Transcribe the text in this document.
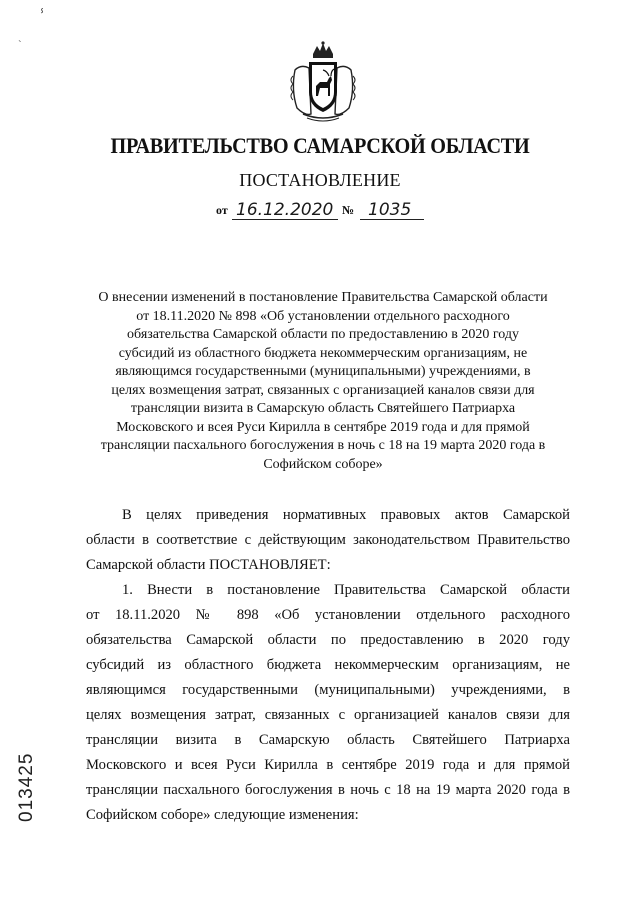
ⸯ
˴
ПРАВИТЕЛЬСТВО САМАРСКОЙ ОБЛАСТИ
ПОСТАНОВЛЕНИЕ
от 16.12.2020 № 1035
О внесении изменений в постановление Правительства Самарской области
от 18.11.2020 № 898 «Об установлении отдельного расходного
обязательства Самарской области по предоставлению в 2020 году
субсидий из областного бюджета некоммерческим организациям, не
являющимся государственными (муниципальными) учреждениями, в
целях возмещения затрат, связанных с организацией каналов связи для
трансляции визита в Самарскую область Святейшего Патриарха
Московского и всея Руси Кирилла в сентябре 2019 года и для прямой
трансляции пасхального богослужения в ночь с 18 на 19 марта 2020 года в
Софийском соборе»
В целях приведения нормативных правовых актов Самарской
области в соответствие с действующим законодательством Правительство
Самарской области ПОСТАНОВЛЯЕТ:
1. Внести в постановление Правительства Самарской области
от 18.11.2020 № 898 «Об установлении отдельного расходного
обязательства Самарской области по предоставлению в 2020 году
субсидий из областного бюджета некоммерческим организациям, не
являющимся государственными (муниципальными) учреждениями, в
целях возмещения затрат, связанных с организацией каналов связи для
трансляции визита в Самарскую область Святейшего Патриарха
Московского и всея Руси Кирилла в сентябре 2019 года и для прямой
трансляции пасхального богослужения в ночь с 18 на 19 марта 2020 года в
Софийском соборе» следующие изменения:
013425
